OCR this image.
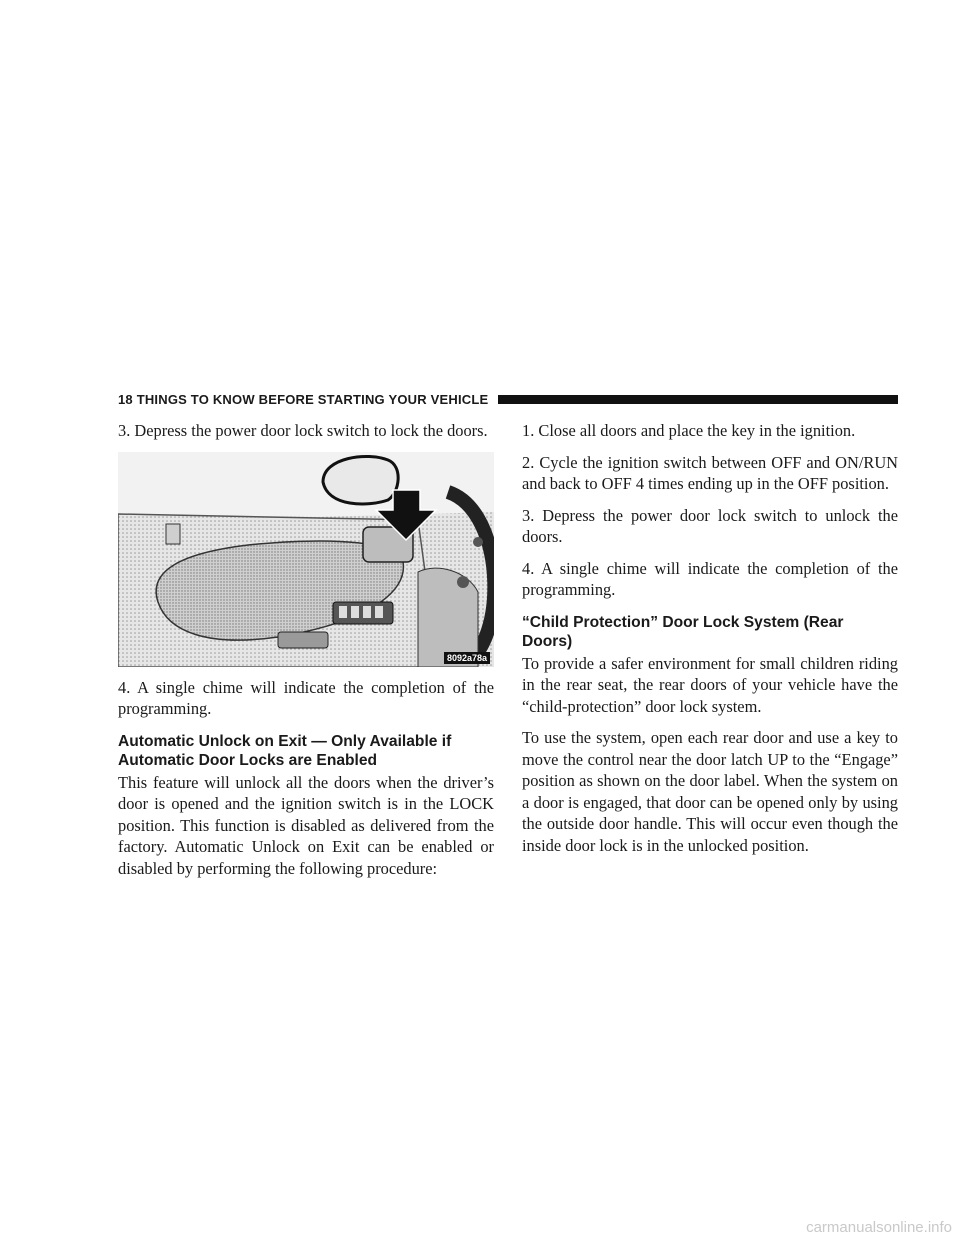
18 THINGS TO KNOW BEFORE STARTING YOUR VEHICLE

3. Depress the power door lock switch to lock the doors.

8092a78a

4. A single chime will indicate the completion of the programming.

Automatic Unlock on Exit — Only Available if Automatic Door Locks are Enabled

This feature will unlock all the doors when the driver’s door is opened and the ignition switch is in the LOCK position. This function is disabled as delivered from the factory. Automatic Unlock on Exit can be enabled or disabled by performing the following procedure:

1. Close all doors and place the key in the ignition.

2. Cycle the ignition switch between OFF and ON/RUN and back to OFF 4 times ending up in the OFF position.

3. Depress the power door lock switch to unlock the doors.

4. A single chime will indicate the completion of the programming.

“Child Protection” Door Lock System (Rear Doors)

To provide a safer environment for small children riding in the rear seat, the rear doors of your vehicle have the “child-protection” door lock system.

To use the system, open each rear door and use a key to move the control near the door latch UP to the “Engage” position as shown on the door label. When the system on a door is engaged, that door can be opened only by using the outside door handle. This will occur even though the inside door lock is in the unlocked position.

carmanualsonline.info
